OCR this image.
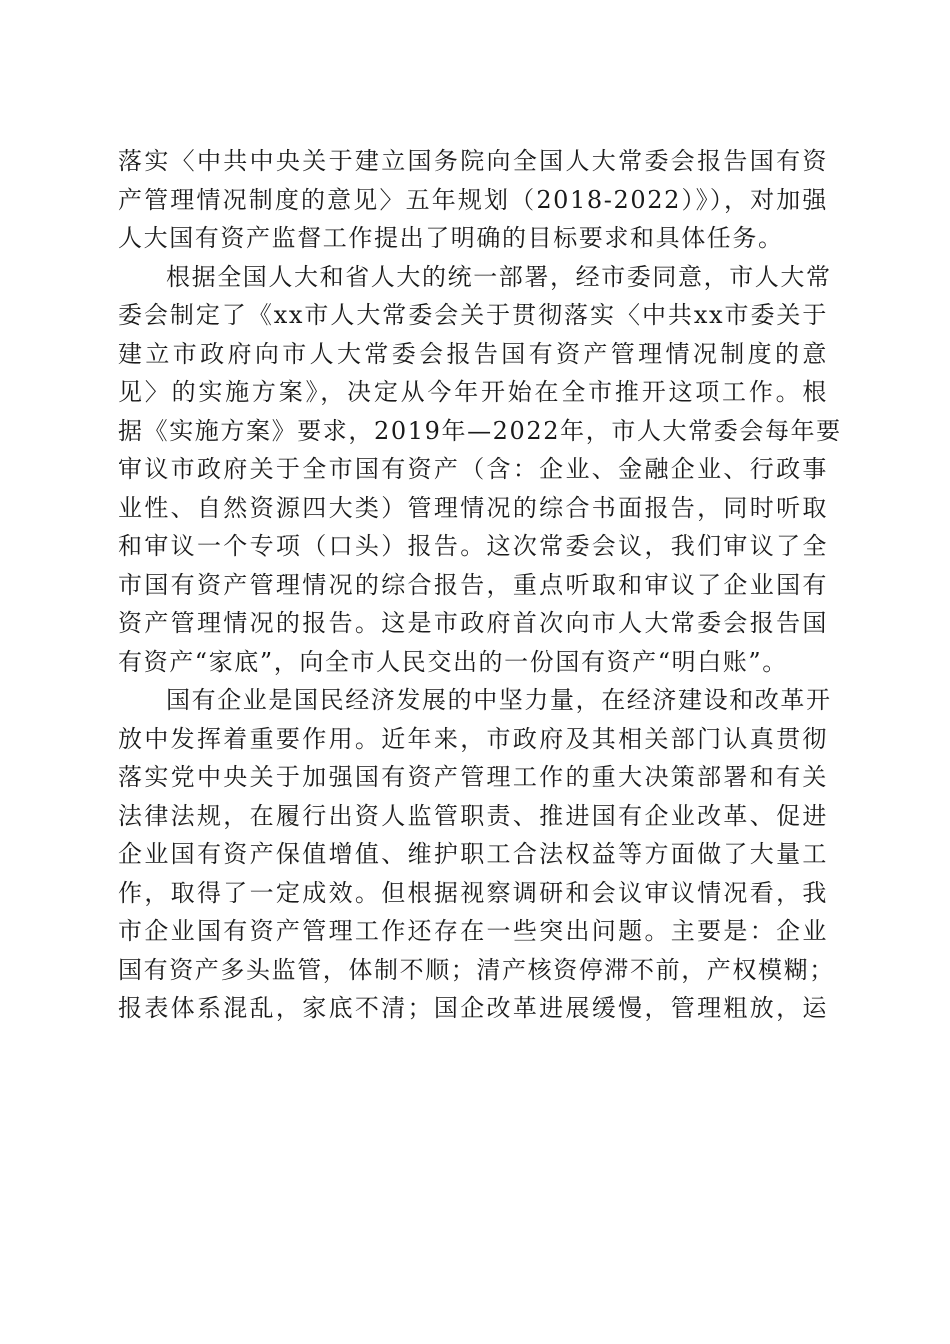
落实〈中共中央关于建立国务院向全国人大常委会报告国有资
产管理情况制度的意见〉五年规划（2018-2022）》），对加强
人大国有资产监督工作提出了明确的目标要求和具体任务。
根据全国人大和省人大的统一部署，经市委同意，市人大常
委会制定了《xx市人大常委会关于贯彻落实〈中共xx市委关于
建立市政府向市人大常委会报告国有资产管理情况制度的意
见〉的实施方案》，决定从今年开始在全市推开这项工作。根
据《实施方案》要求，2019年—2022年，市人大常委会每年要
审议市政府关于全市国有资产（含：企业、金融企业、行政事
业性、自然资源四大类）管理情况的综合书面报告，同时听取
和审议一个专项（口头）报告。这次常委会议，我们审议了全
市国有资产管理情况的综合报告，重点听取和审议了企业国有
资产管理情况的报告。这是市政府首次向市人大常委会报告国
有资产“家底”，向全市人民交出的一份国有资产“明白账”。
国有企业是国民经济发展的中坚力量，在经济建设和改革开
放中发挥着重要作用。近年来，市政府及其相关部门认真贯彻
落实党中央关于加强国有资产管理工作的重大决策部署和有关
法律法规，在履行出资人监管职责、推进国有企业改革、促进
企业国有资产保值增值、维护职工合法权益等方面做了大量工
作，取得了一定成效。但根据视察调研和会议审议情况看，我
市企业国有资产管理工作还存在一些突出问题。主要是：企业
国有资产多头监管，体制不顺；清产核资停滞不前，产权模糊；
报表体系混乱，家底不清；国企改革进展缓慢，管理粗放，运
